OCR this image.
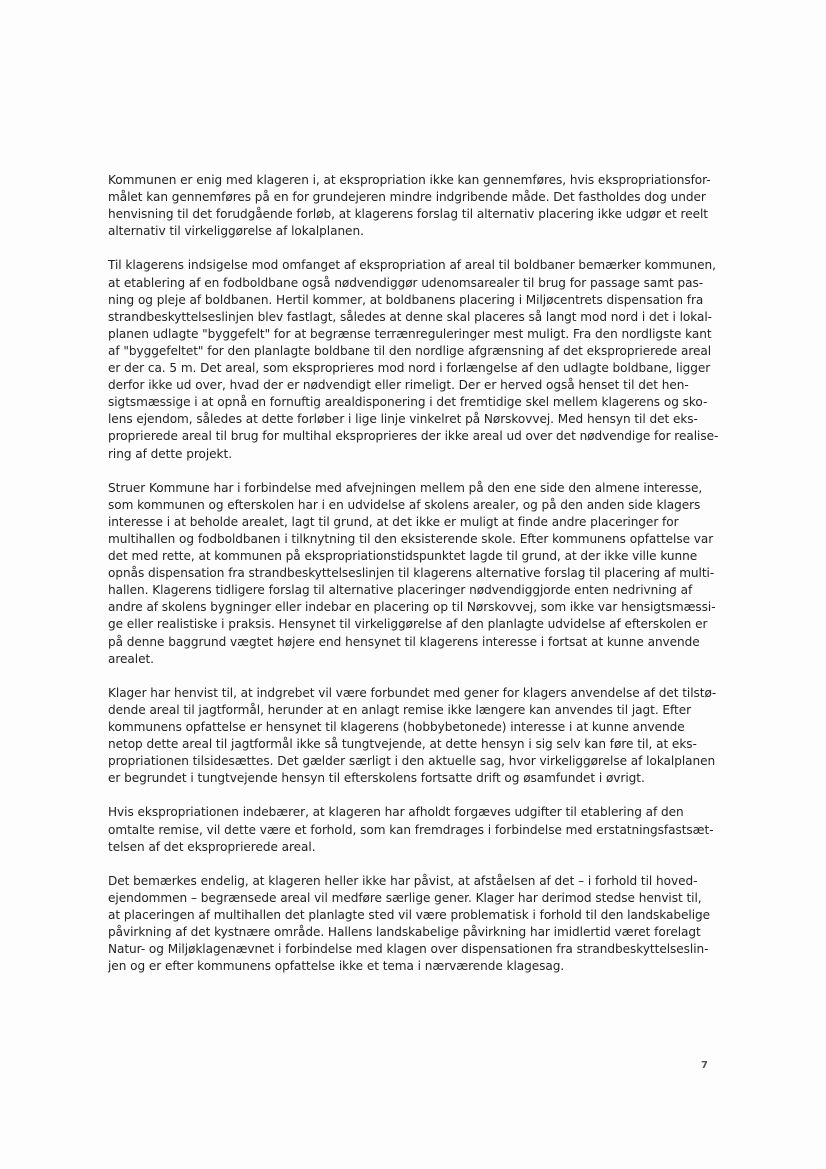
Kommunen er enig med klageren i, at ekspropriation ikke kan gennemføres, hvis ekspropriationsfor-
målet kan gennemføres på en for grundejeren mindre indgribende måde. Det fastholdes dog under
henvisning til det forudgående forløb, at klagerens forslag til alternativ placering ikke udgør et reelt
alternativ til virkeliggørelse af lokalplanen.
Til klagerens indsigelse mod omfanget af ekspropriation af areal til boldbaner bemærker kommunen,
at etablering af en fodboldbane også nødvendiggør udenomsarealer til brug for passage samt pas-
ning og pleje af boldbanen. Hertil kommer, at boldbanens placering i Miljøcentrets dispensation fra
strandbeskyttelseslinjen blev fastlagt, således at denne skal placeres så langt mod nord i det i lokal-
planen udlagte "byggefelt" for at begrænse terrænreguleringer mest muligt. Fra den nordligste kant
af "byggefeltet" for den planlagte boldbane til den nordlige afgrænsning af det eksproprierede areal
er der ca. 5 m. Det areal, som eksproprieres mod nord i forlængelse af den udlagte boldbane, ligger
derfor ikke ud over, hvad der er nødvendigt eller rimeligt. Der er herved også henset til det hen-
sigtsmæssige i at opnå en fornuftig arealdisponering i det fremtidige skel mellem klagerens og sko-
lens ejendom, således at dette forløber i lige linje vinkelret på Nørskovvej. Med hensyn til det eks-
proprierede areal til brug for multihal eksproprieres der ikke areal ud over det nødvendige for realise-
ring af dette projekt.
Struer Kommune har i forbindelse med afvejningen mellem på den ene side den almene interesse,
som kommunen og efterskolen har i en udvidelse af skolens arealer, og på den anden side klagers
interesse i at beholde arealet, lagt til grund, at det ikke er muligt at finde andre placeringer for
multihallen og fodboldbanen i tilknytning til den eksisterende skole. Efter kommunens opfattelse var
det med rette, at kommunen på ekspropriationstidspunktet lagde til grund, at der ikke ville kunne
opnås dispensation fra strandbeskyttelseslinjen til klagerens alternative forslag til placering af multi-
hallen. Klagerens tidligere forslag til alternative placeringer nødvendiggjorde enten nedrivning af
andre af skolens bygninger eller indebar en placering op til Nørskovvej, som ikke var hensigtsmæssi-
ge eller realistiske i praksis. Hensynet til virkeliggørelse af den planlagte udvidelse af efterskolen er
på denne baggrund vægtet højere end hensynet til klagerens interesse i fortsat at kunne anvende
arealet.
Klager har henvist til, at indgrebet vil være forbundet med gener for klagers anvendelse af det tilstø-
dende areal til jagtformål, herunder at en anlagt remise ikke længere kan anvendes til jagt. Efter
kommunens opfattelse er hensynet til klagerens (hobbybetonede) interesse i at kunne anvende
netop dette areal til jagtformål ikke så tungtvejende, at dette hensyn i sig selv kan føre til, at eks-
propriationen tilsidesættes. Det gælder særligt i den aktuelle sag, hvor virkeliggørelse af lokalplanen
er begrundet i tungtvejende hensyn til efterskolens fortsatte drift og øsamfundet i øvrigt.
Hvis ekspropriationen indebærer, at klageren har afholdt forgæves udgifter til etablering af den
omtalte remise, vil dette være et forhold, som kan fremdrages i forbindelse med erstatningsfastsæt-
telsen af det eksproprierede areal.
Det bemærkes endelig, at klageren heller ikke har påvist, at afståelsen af det – i forhold til hoved-
ejendommen – begrænsede areal vil medføre særlige gener. Klager har derimod stedse henvist til,
at placeringen af multihallen det planlagte sted vil være problematisk i forhold til den landskabelige
påvirkning af det kystnære område. Hallens landskabelige påvirkning har imidlertid været forelagt
Natur- og Miljøklagenævnet i forbindelse med klagen over dispensationen fra strandbeskyttelseslin-
jen og er efter kommunens opfattelse ikke et tema i nærværende klagesag.
7
